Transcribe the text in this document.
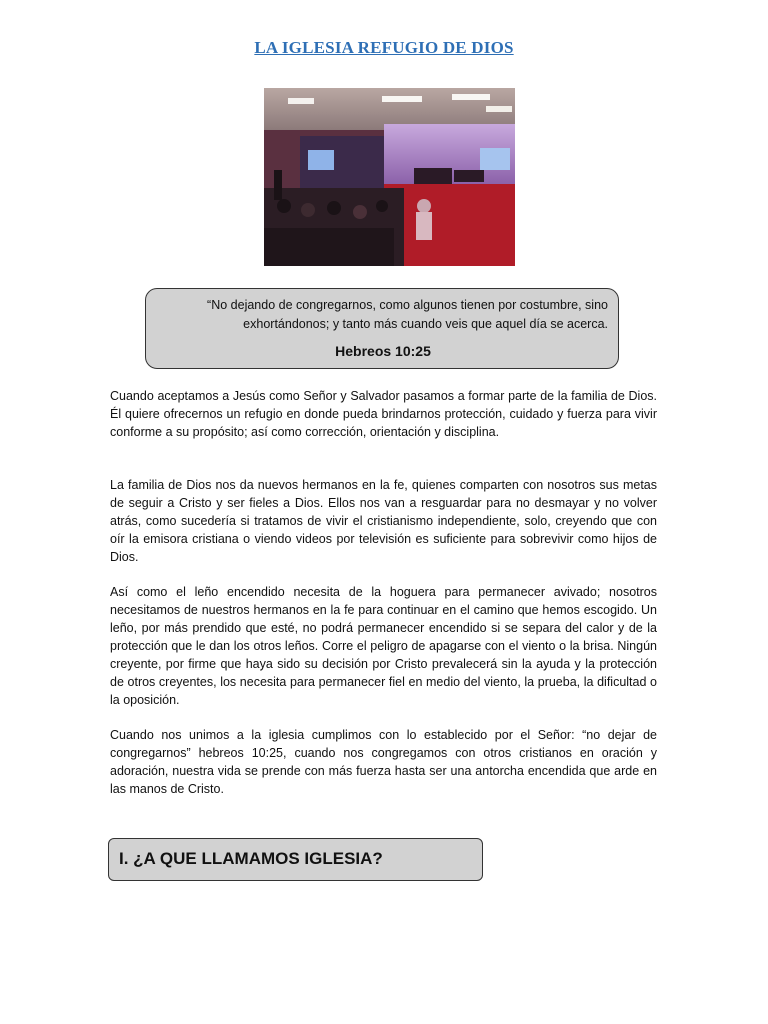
LA IGLESIA REFUGIO DE DIOS
“No dejando de congregarnos, como algunos tienen por costumbre, sino exhortándonos; y tanto más cuando veis que aquel día se acerca.
Hebreos 10:25

Cuando aceptamos a Jesús como Señor y Salvador pasamos a formar parte de la familia de Dios. Él quiere ofrecernos un refugio en donde pueda brindarnos protección, cuidado y fuerza para vivir conforme a su propósito; así como corrección, orientación y disciplina.

La familia de Dios nos da nuevos hermanos en la fe, quienes comparten con nosotros sus metas de seguir a Cristo y ser fieles a Dios. Ellos nos van a resguardar para no desmayar y no volver atrás, como sucedería si tratamos de vivir el cristianismo independiente, solo, creyendo que con oír la emisora cristiana o viendo videos por televisión es suficiente para sobrevivir como hijos de Dios.

Así como el leño encendido necesita de la hoguera para permanecer avivado; nosotros necesitamos de nuestros hermanos en la fe para continuar en el camino que hemos escogido. Un leño, por más prendido que esté, no podrá permanecer encendido si se separa del calor y de la protección que le dan los otros leños. Corre el peligro de apagarse con el viento o la brisa. Ningún creyente, por firme que haya sido su decisión por Cristo prevalecerá sin la ayuda y la protección de otros creyentes, los necesita para permanecer fiel en medio del viento, la prueba, la dificultad o la oposición.

Cuando nos unimos a la iglesia cumplimos con lo establecido por el Señor: “no dejar de congregarnos” hebreos 10:25, cuando nos congregamos con otros cristianos en oración y adoración, nuestra vida se prende con más fuerza hasta ser una antorcha encendida que arde en las manos de Cristo.

I. ¿A QUE LLAMAMOS IGLESIA?
